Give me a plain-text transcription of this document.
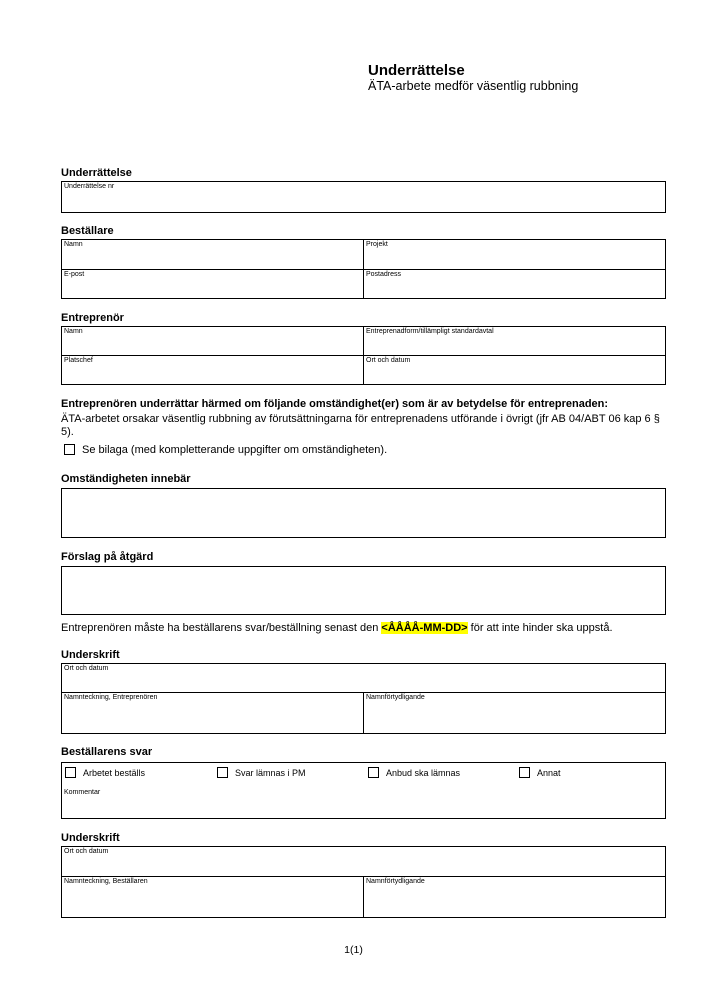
Underrättelse
ÄTA-arbete medför väsentlig rubbning
Underrättelse
Underrättelse nr
Beställare
Namn	Projekt
E-post	Postadress
Entreprenör
Namn	Entreprenadform/tillämpligt standardavtal
Platschef	Ort och datum
Entreprenören underrättar härmed om följande omständighet(er) som är av betydelse för entreprenaden:
ÄTA-arbetet orsakar väsentlig rubbning av förutsättningarna för entreprenadens utförande i övrigt (jfr AB 04/ABT 06 kap 6 § 5).
Se bilaga (med kompletterande uppgifter om omständigheten).
Omständigheten innebär
Förslag på åtgärd
Entreprenören måste ha beställarens svar/beställning senast den <ÅÅÅÅ-MM-DD> för att inte hinder ska uppstå.
Underskrift
Ort och datum
Namnteckning, Entreprenören	Namnförtydligande
Beställarens svar
Arbetet beställs	Svar lämnas i PM	Anbud ska lämnas	Annat
Kommentar
Underskrift
Ort och datum
Namnteckning, Beställaren	Namnförtydligande
1(1)
